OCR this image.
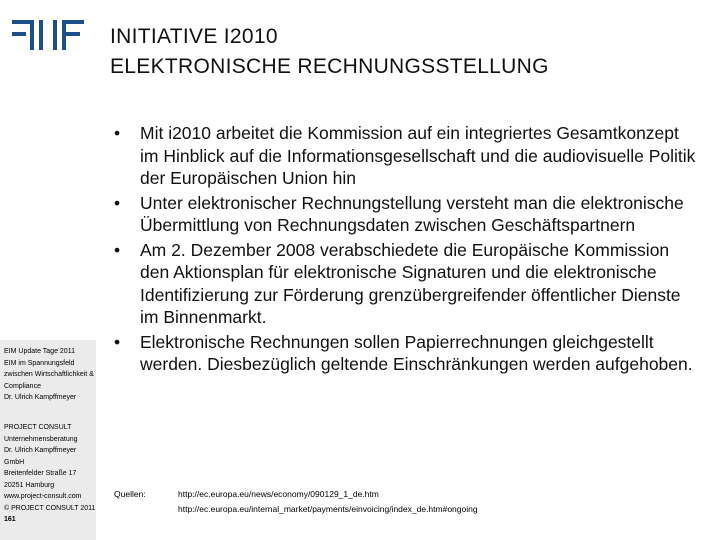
EIM Update Tage 2011
EIM im Spannungsfeld zwischen Wirtschaftlichkeit & Compliance
Dr. Ulrich Kampffmeyer
PROJECT CONSULT Unternehmensberatung
Dr. Ulrich Kampffmeyer GmbH
Breitenfelder Straße 17
20251 Hamburg
www.project-consult.com
© PROJECT CONSULT 2011
161
INITIATIVE I2010
ELEKTRONISCHE RECHNUNGSSTELLUNG
• Mit i2010 arbeitet die Kommission auf ein integriertes Gesamtkonzept im Hinblick auf die Informationsgesellschaft und die audiovisuelle Politik der Europäischen Union hin
• Unter elektronischer Rechnungstellung versteht man die elektronische Übermittlung von Rechnungsdaten zwischen Geschäftspartnern
• Am 2. Dezember 2008 verabschiedete die Europäische Kommission den Aktionsplan für elektronische Signaturen und die elektronische Identifizierung zur Förderung grenzübergreifender öffentlicher Dienste im Binnenmarkt.
• Elektronische Rechnungen sollen Papierrechnungen gleichgestellt werden. Diesbezüglich geltende Einschränkungen werden aufgehoben.
Quellen:	http://ec.europa.eu/news/economy/090129_1_de.htm
http://ec.europa.eu/internal_market/payments/einvoicing/index_de.htm#ongoing
